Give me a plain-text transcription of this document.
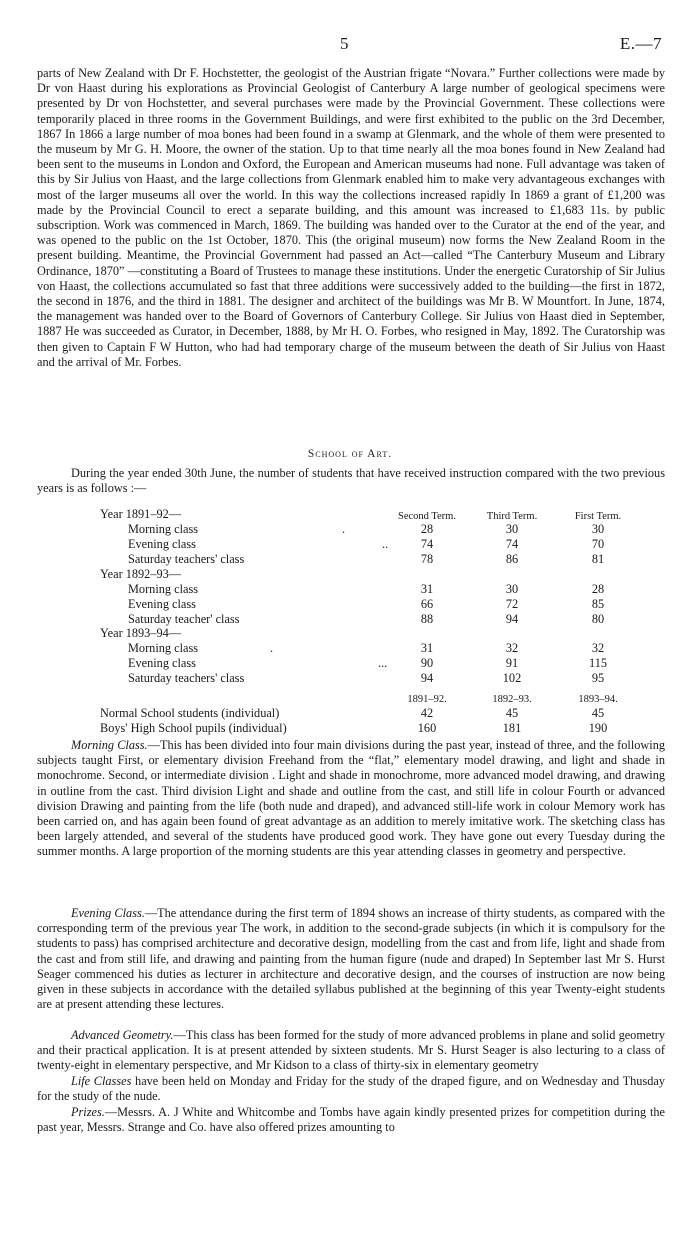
5	E.—7

parts of New Zealand with Dr F. Hochstetter, the geologist of the Austrian frigate “Novara.” Further collections were made by Dr von Haast during his explorations as Provincial Geologist of Canterbury A large number of geological specimens were presented by Dr von Hochstetter, and several purchases were made by the Provincial Government. These collections were temporarily placed in three rooms in the Government Buildings, and were first exhibited to the public on the 3rd December, 1867 In 1866 a large number of moa bones had been found in a swamp at Glenmark, and the whole of them were presented to the museum by Mr G. H. Moore, the owner of the station. Up to that time nearly all the moa bones found in New Zealand had been sent to the museums in London and Oxford, the European and American museums had none. Full advantage was taken of this by Sir Julius von Haast, and the large collections from Glenmark enabled him to make very advantageous exchanges with most of the larger museums all over the world. In this way the collections increased rapidly In 1869 a grant of £1,200 was made by the Provincial Council to erect a separate building, and this amount was increased to £1,683 11s. by public subscription. Work was commenced in March, 1869. The building was handed over to the Curator at the end of the year, and was opened to the public on the 1st October, 1870. This (the original museum) now forms the New Zealand Room in the present building. Meantime, the Provincial Government had passed an Act—called “The Canterbury Museum and Library Ordinance, 1870” —constituting a Board of Trustees to manage these institutions. Under the energetic Curatorship of Sir Julius von Haast, the collections accumulated so fast that three additions were successively added to the building—the first in 1872, the second in 1876, and the third in 1881. The designer and architect of the buildings was Mr B. W Mountfort. In June, 1874, the management was handed over to the Board of Governors of Canterbury College. Sir Julius von Haast died in September, 1887 He was succeeded as Curator, in December, 1888, by Mr H. O. Forbes, who resigned in May, 1892. The Curatorship was then given to Captain F W Hutton, who had had temporary charge of the museum between the death of Sir Julius von Haast and the arrival of Mr. Forbes.

School of Art.

During the year ended 30th June, the number of students that have received instruction compared with the two previous years is as follows :—

Second Term.	Third Term.	First Term.
Year 1891–92—
Morning class	.	28	30	30
Evening class	..	74	74	70
Saturday teachers' class	78	86	81
Year 1892–93—
Morning class	31	30	28
Evening class	66	72	85
Saturday teacher' class	88	94	80
Year 1893–94—
Morning class	.	31	32	32
Evening class	...	90	91	115
Saturday teachers' class	94	102	95
1891–92.	1892–93.	1893–94.
Normal School students (individual)	42	45	45
Boys' High School pupils (individual)	160	181	190

Morning Class.—This has been divided into four main divisions during the past year, instead of three, and the following subjects taught First, or elementary division Freehand from the “flat,” elementary model drawing, and light and shade in monochrome. Second, or intermediate division . Light and shade in monochrome, more advanced model drawing, and drawing in outline from the cast. Third division Light and shade and outline from the cast, and still life in colour Fourth or advanced division Drawing and painting from the life (both nude and draped), and advanced still-life work in colour Memory work has been carried on, and has again been found of great advantage as an addition to merely imitative work. The sketching class has been largely attended, and several of the students have produced good work. They have gone out every Tuesday during the summer months. A large proportion of the morning students are this year attending classes in geometry and perspective.

Evening Class.—The attendance during the first term of 1894 shows an increase of thirty students, as compared with the corresponding term of the previous year The work, in addition to the second-grade subjects (in which it is compulsory for the students to pass) has comprised architecture and decorative design, modelling from the cast and from life, light and shade from the cast and from still life, and drawing and painting from the human figure (nude and draped) In September last Mr S. Hurst Seager commenced his duties as lecturer in architecture and decorative design, and the courses of instruction are now being given in these subjects in accordance with the detailed syllabus published at the beginning of this year Twenty-eight students are at present attending these lectures.

Advanced Geometry.—This class has been formed for the study of more advanced problems in plane and solid geometry and their practical application. It is at present attended by sixteen students. Mr S. Hurst Seager is also lecturing to a class of twenty-eight in elementary perspective, and Mr Kidson to a class of thirty-six in elementary geometry

Life Classes have been held on Monday and Friday for the study of the draped figure, and on Wednesday and Thusday for the study of the nude.

Prizes.—Messrs. A. J White and Whitcombe and Tombs have again kindly presented prizes for competition during the past year, Messrs. Strange and Co. have also offered prizes amounting to
